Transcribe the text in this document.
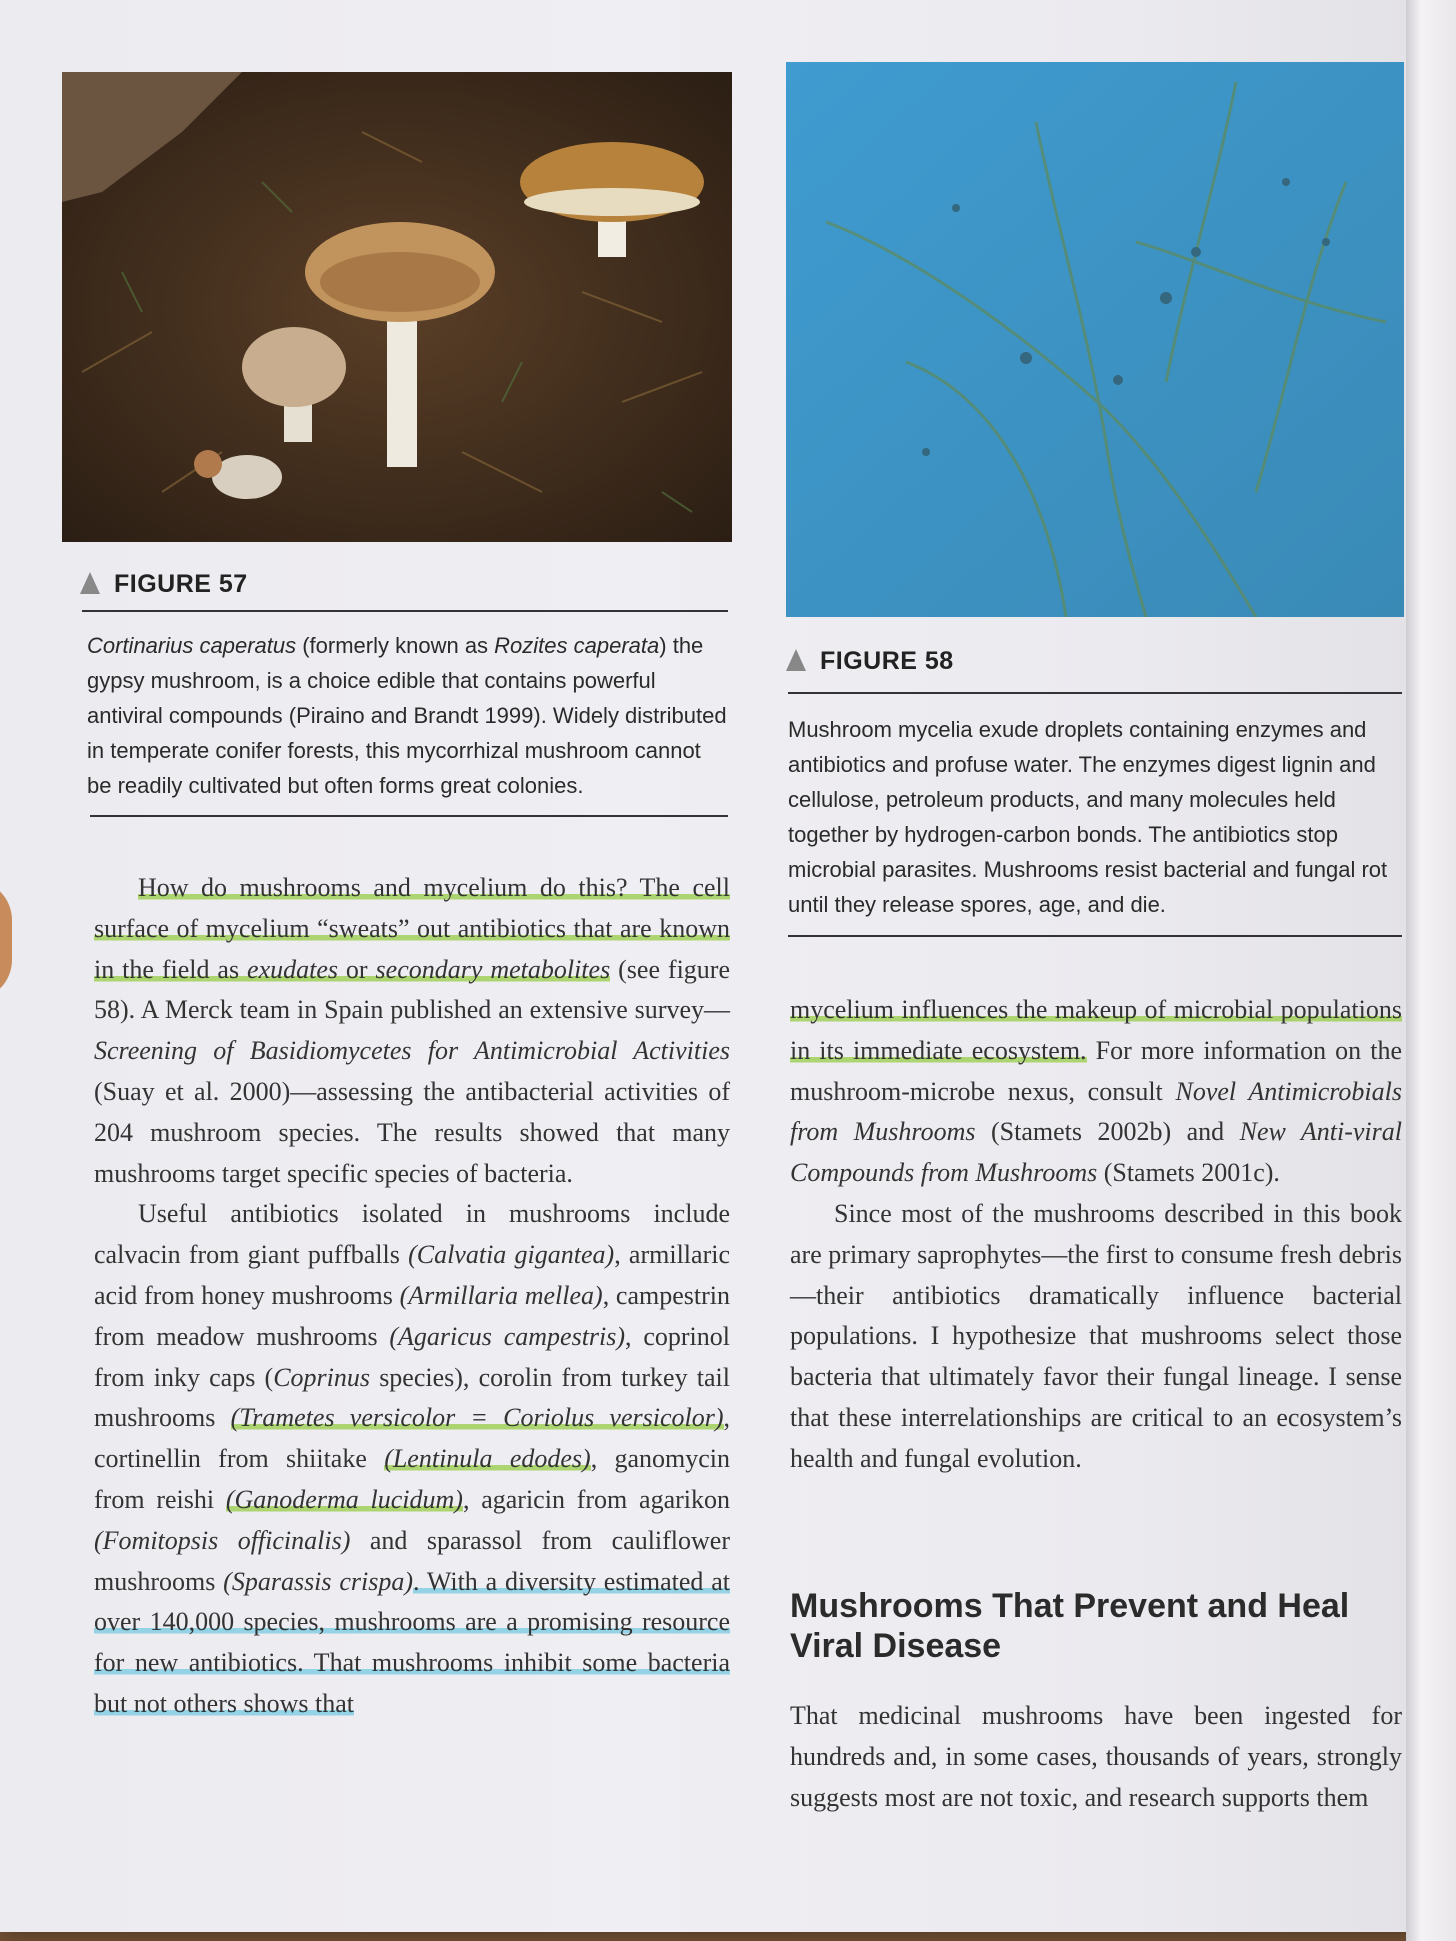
FIGURE 57

Cortinarius caperatus (formerly known as Rozites caperata) the gypsy mushroom, is a choice edible that contains powerful antiviral compounds (Piraino and Brandt 1999). Widely distributed in temperate conifer forests, this mycorrhizal mushroom cannot be readily cultivated but often forms great colonies.

FIGURE 58

Mushroom mycelia exude droplets containing enzymes and antibiotics and profuse water. The enzymes digest lignin and cellulose, petroleum products, and many molecules held together by hydrogen-carbon bonds. The antibiotics stop microbial parasites. Mushrooms resist bacterial and fungal rot until they release spores, age, and die.

How do mushrooms and mycelium do this? The cell surface of mycelium “sweats” out antibiotics that are known in the field as exudates or secondary metabolites (see figure 58). A Merck team in Spain published an extensive survey—Screening of Basidiomycetes for Antimicrobial Activities (Suay et al. 2000)—assessing the antibacterial activities of 204 mushroom species. The results showed that many mushrooms target specific species of bacteria.

Useful antibiotics isolated in mushrooms include calvacin from giant puffballs (Calvatia gigantea), armillaric acid from honey mushrooms (Armillaria mellea), campestrin from meadow mushrooms (Agaricus campestris), coprinol from inky caps (Coprinus species), corolin from turkey tail mushrooms (Trametes versicolor = Coriolus versicolor), cortinellin from shiitake (Lentinula edodes), ganomycin from reishi (Ganoderma lucidum), agaricin from agarikon (Fomitopsis officinalis) and sparassol from cauliflower mushrooms (Sparassis crispa). With a diversity estimated at over 140,000 species, mushrooms are a promising resource for new antibiotics. That mushrooms inhibit some bacteria but not others shows that

mycelium influences the makeup of microbial populations in its immediate ecosystem. For more information on the mushroom-microbe nexus, consult Novel Antimicrobials from Mushrooms (Stamets 2002b) and New Anti-viral Compounds from Mushrooms (Stamets 2001c).

Since most of the mushrooms described in this book are primary saprophytes—the first to consume fresh debris—their antibiotics dramatically influence bacterial populations. I hypothesize that mushrooms select those bacteria that ultimately favor their fungal lineage. I sense that these interrelationships are critical to an ecosystem’s health and fungal evolution.

Mushrooms That Prevent and Heal Viral Disease

That medicinal mushrooms have been ingested for hundreds and, in some cases, thousands of years, strongly suggests most are not toxic, and research supports them
